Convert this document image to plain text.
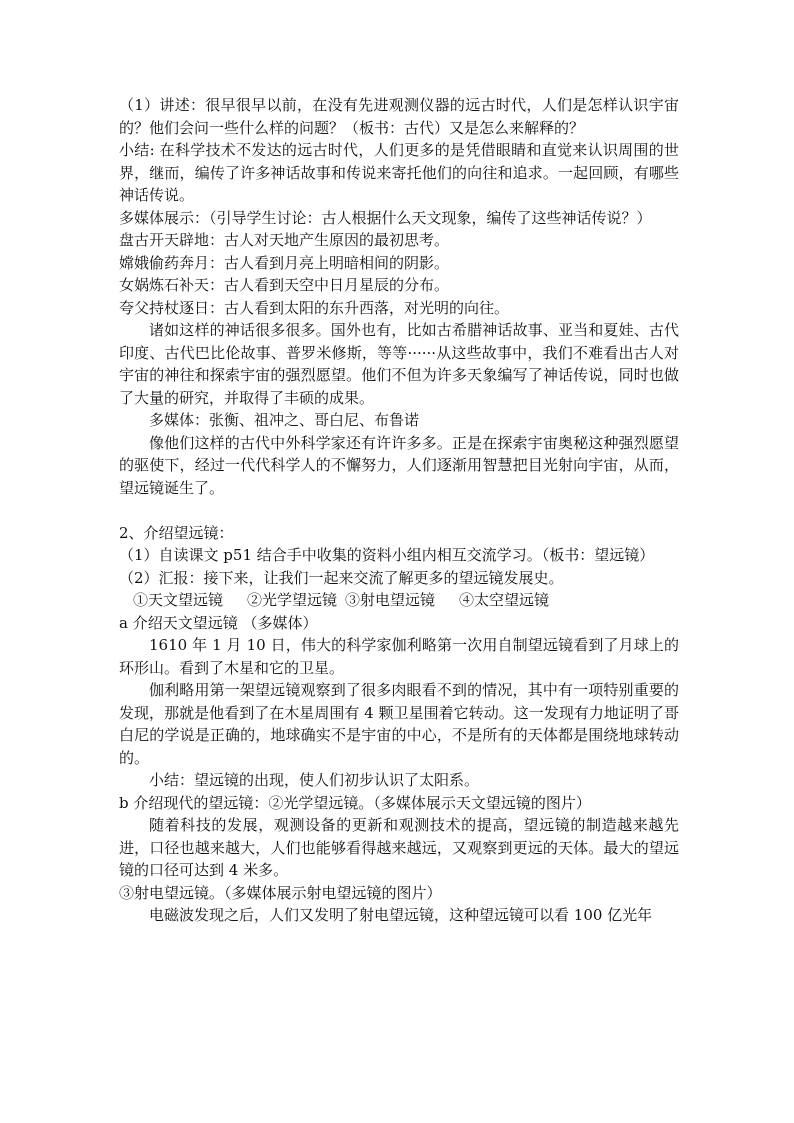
（1）讲述：很早很早以前，在没有先进观测仪器的远古时代，人们是怎样认识宇宙的？他们会问一些什么样的问题？（板书：古代）又是怎么来解释的？

小结: 在科学技术不发达的远古时代，人们更多的是凭借眼睛和直觉来认识周围的世界，继而，编传了许多神话故事和传说来寄托他们的向往和追求。一起回顾，有哪些神话传说。

多媒体展示：（引导学生讨论：古人根据什么天文现象，编传了这些神话传说？）

盘古开天辟地：古人对天地产生原因的最初思考。

嫦娥偷药奔月：古人看到月亮上明暗相间的阴影。

女娲炼石补天：古人看到天空中日月星辰的分布。

夸父持杖逐日：古人看到太阳的东升西落，对光明的向往。

诸如这样的神话很多很多。国外也有，比如古希腊神话故事、亚当和夏娃、古代印度、古代巴比伦故事、普罗米修斯，等等······从这些故事中，我们不难看出古人对宇宙的神往和探索宇宙的强烈愿望。他们不但为许多天象编写了神话传说，同时也做了大量的研究，并取得了丰硕的成果。

多媒体：张衡、祖冲之、哥白尼、布鲁诺

像他们这样的古代中外科学家还有许许多多。正是在探索宇宙奥秘这种强烈愿望的驱使下，经过一代代科学人的不懈努力，人们逐渐用智慧把目光射向宇宙，从而，望远镜诞生了。

2、介绍望远镜：

（1）自读课文 p51 结合手中收集的资料小组内相互交流学习。（板书：望远镜）

（2）汇报：接下来，让我们一起来交流了解更多的望远镜发展史。

①天文望远镜 ②光学望远镜 ③射电望远镜 ④太空望远镜

a 介绍天文望远镜 （多媒体）

1610 年 1 月 10 日，伟大的科学家伽利略第一次用自制望远镜看到了月球上的环形山。看到了木星和它的卫星。

伽利略用第一架望远镜观察到了很多肉眼看不到的情况，其中有一项特别重要的发现，那就是他看到了在木星周围有 4 颗卫星围着它转动。这一发现有力地证明了哥白尼的学说是正确的，地球确实不是宇宙的中心，不是所有的天体都是围绕地球转动的。

小结：望远镜的出现，使人们初步认识了太阳系。

b 介绍现代的望远镜：②光学望远镜。（多媒体展示天文望远镜的图片）

随着科技的发展，观测设备的更新和观测技术的提高，望远镜的制造越来越先进，口径也越来越大，人们也能够看得越来越远，又观察到更远的天体。最大的望远镜的口径可达到 4 米多。

③射电望远镜。（多媒体展示射电望远镜的图片）

电磁波发现之后，人们又发明了射电望远镜，这种望远镜可以看 100 亿光年
